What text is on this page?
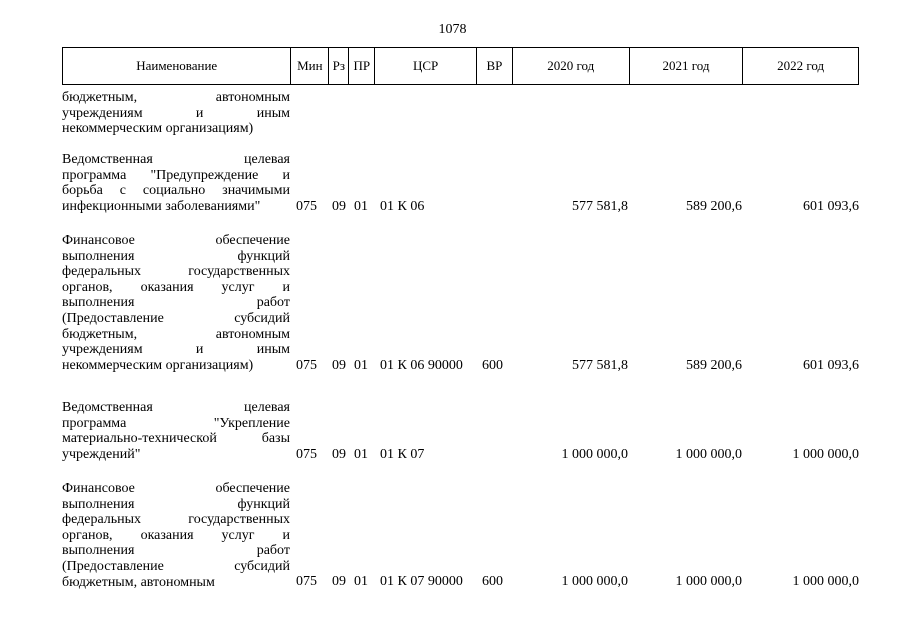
1078
Наименование	Мин Рз ПР	ЦСР	ВР	2020 год	2021 год	2022 год
бюджетным, автономным
учреждениям и иным
некоммерческим организациям)
Ведомственная целевая
программа "Предупреждение и
борьба с социально значимыми
инфекционными заболеваниями"	075 09 01 01 К 06	577 581,8	589 200,6	601 093,6
Финансовое обеспечение
выполнения функций
федеральных государственных
органов, оказания услуг и
выполнения работ
(Предоставление субсидий
бюджетным, автономным
учреждениям и иным
некоммерческим организациям)	075 09 01 01 К 06 90000 600	577 581,8	589 200,6	601 093,6
Ведомственная целевая
программа "Укрепление
материально-технической базы
учреждений"	075 09 01 01 К 07	1 000 000,0	1 000 000,0	1 000 000,0
Финансовое обеспечение
выполнения функций
федеральных государственных
органов, оказания услуг и
выполнения работ
(Предоставление субсидий
бюджетным, автономным	075 09 01 01 К 07 90000 600	1 000 000,0	1 000 000,0	1 000 000,0
